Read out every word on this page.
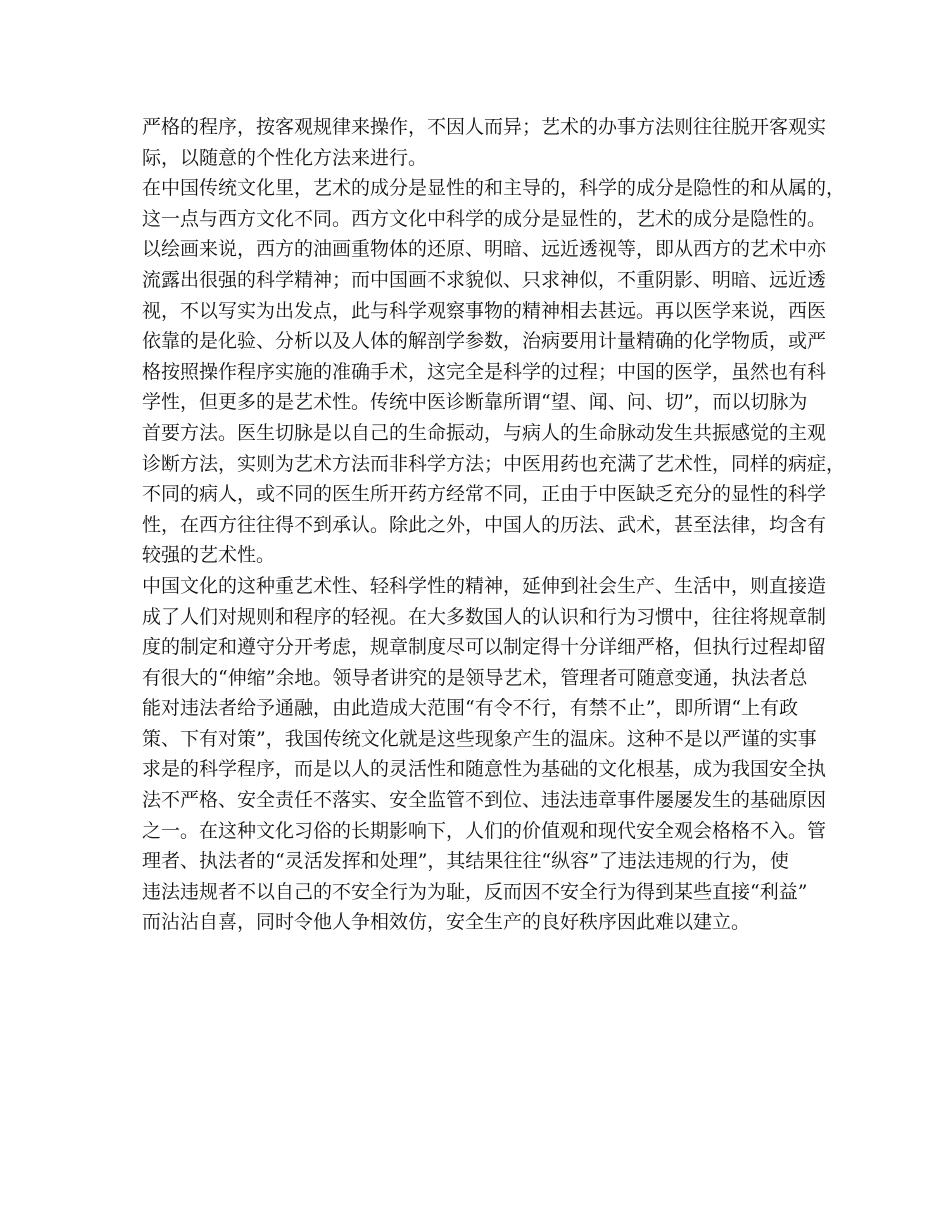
严格的程序，按客观规律来操作，不因人而异；艺术的办事方法则往往脱开客观实
际，以随意的个性化方法来进行。
在中国传统文化里，艺术的成分是显性的和主导的，科学的成分是隐性的和从属的，
这一点与西方文化不同。西方文化中科学的成分是显性的，艺术的成分是隐性的。
以绘画来说，西方的油画重物体的还原、明暗、远近透视等，即从西方的艺术中亦
流露出很强的科学精神；而中国画不求貌似、只求神似，不重阴影、明暗、远近透
视，不以写实为出发点，此与科学观察事物的精神相去甚远。再以医学来说，西医
依靠的是化验、分析以及人体的解剖学参数，治病要用计量精确的化学物质，或严
格按照操作程序实施的准确手术，这完全是科学的过程；中国的医学，虽然也有科
学性，但更多的是艺术性。传统中医诊断靠所谓“望、闻、问、切”，而以切脉为
首要方法。医生切脉是以自己的生命振动，与病人的生命脉动发生共振感觉的主观
诊断方法，实则为艺术方法而非科学方法；中医用药也充满了艺术性，同样的病症，
不同的病人，或不同的医生所开药方经常不同，正由于中医缺乏充分的显性的科学
性，在西方往往得不到承认。除此之外，中国人的历法、武术，甚至法律，均含有
较强的艺术性。
中国文化的这种重艺术性、轻科学性的精神，延伸到社会生产、生活中，则直接造
成了人们对规则和程序的轻视。在大多数国人的认识和行为习惯中，往往将规章制
度的制定和遵守分开考虑，规章制度尽可以制定得十分详细严格，但执行过程却留
有很大的“伸缩”余地。领导者讲究的是领导艺术，管理者可随意变通，执法者总
能对违法者给予通融，由此造成大范围“有令不行，有禁不止”，即所谓“上有政
策、下有对策”，我国传统文化就是这些现象产生的温床。这种不是以严谨的实事
求是的科学程序，而是以人的灵活性和随意性为基础的文化根基，成为我国安全执
法不严格、安全责任不落实、安全监管不到位、违法违章事件屡屡发生的基础原因
之一。在这种文化习俗的长期影响下，人们的价值观和现代安全观会格格不入。管
理者、执法者的“灵活发挥和处理”，其结果往往“纵容”了违法违规的行为，使
违法违规者不以自己的不安全行为为耻，反而因不安全行为得到某些直接“利益”
而沾沾自喜，同时令他人争相效仿，安全生产的良好秩序因此难以建立。
